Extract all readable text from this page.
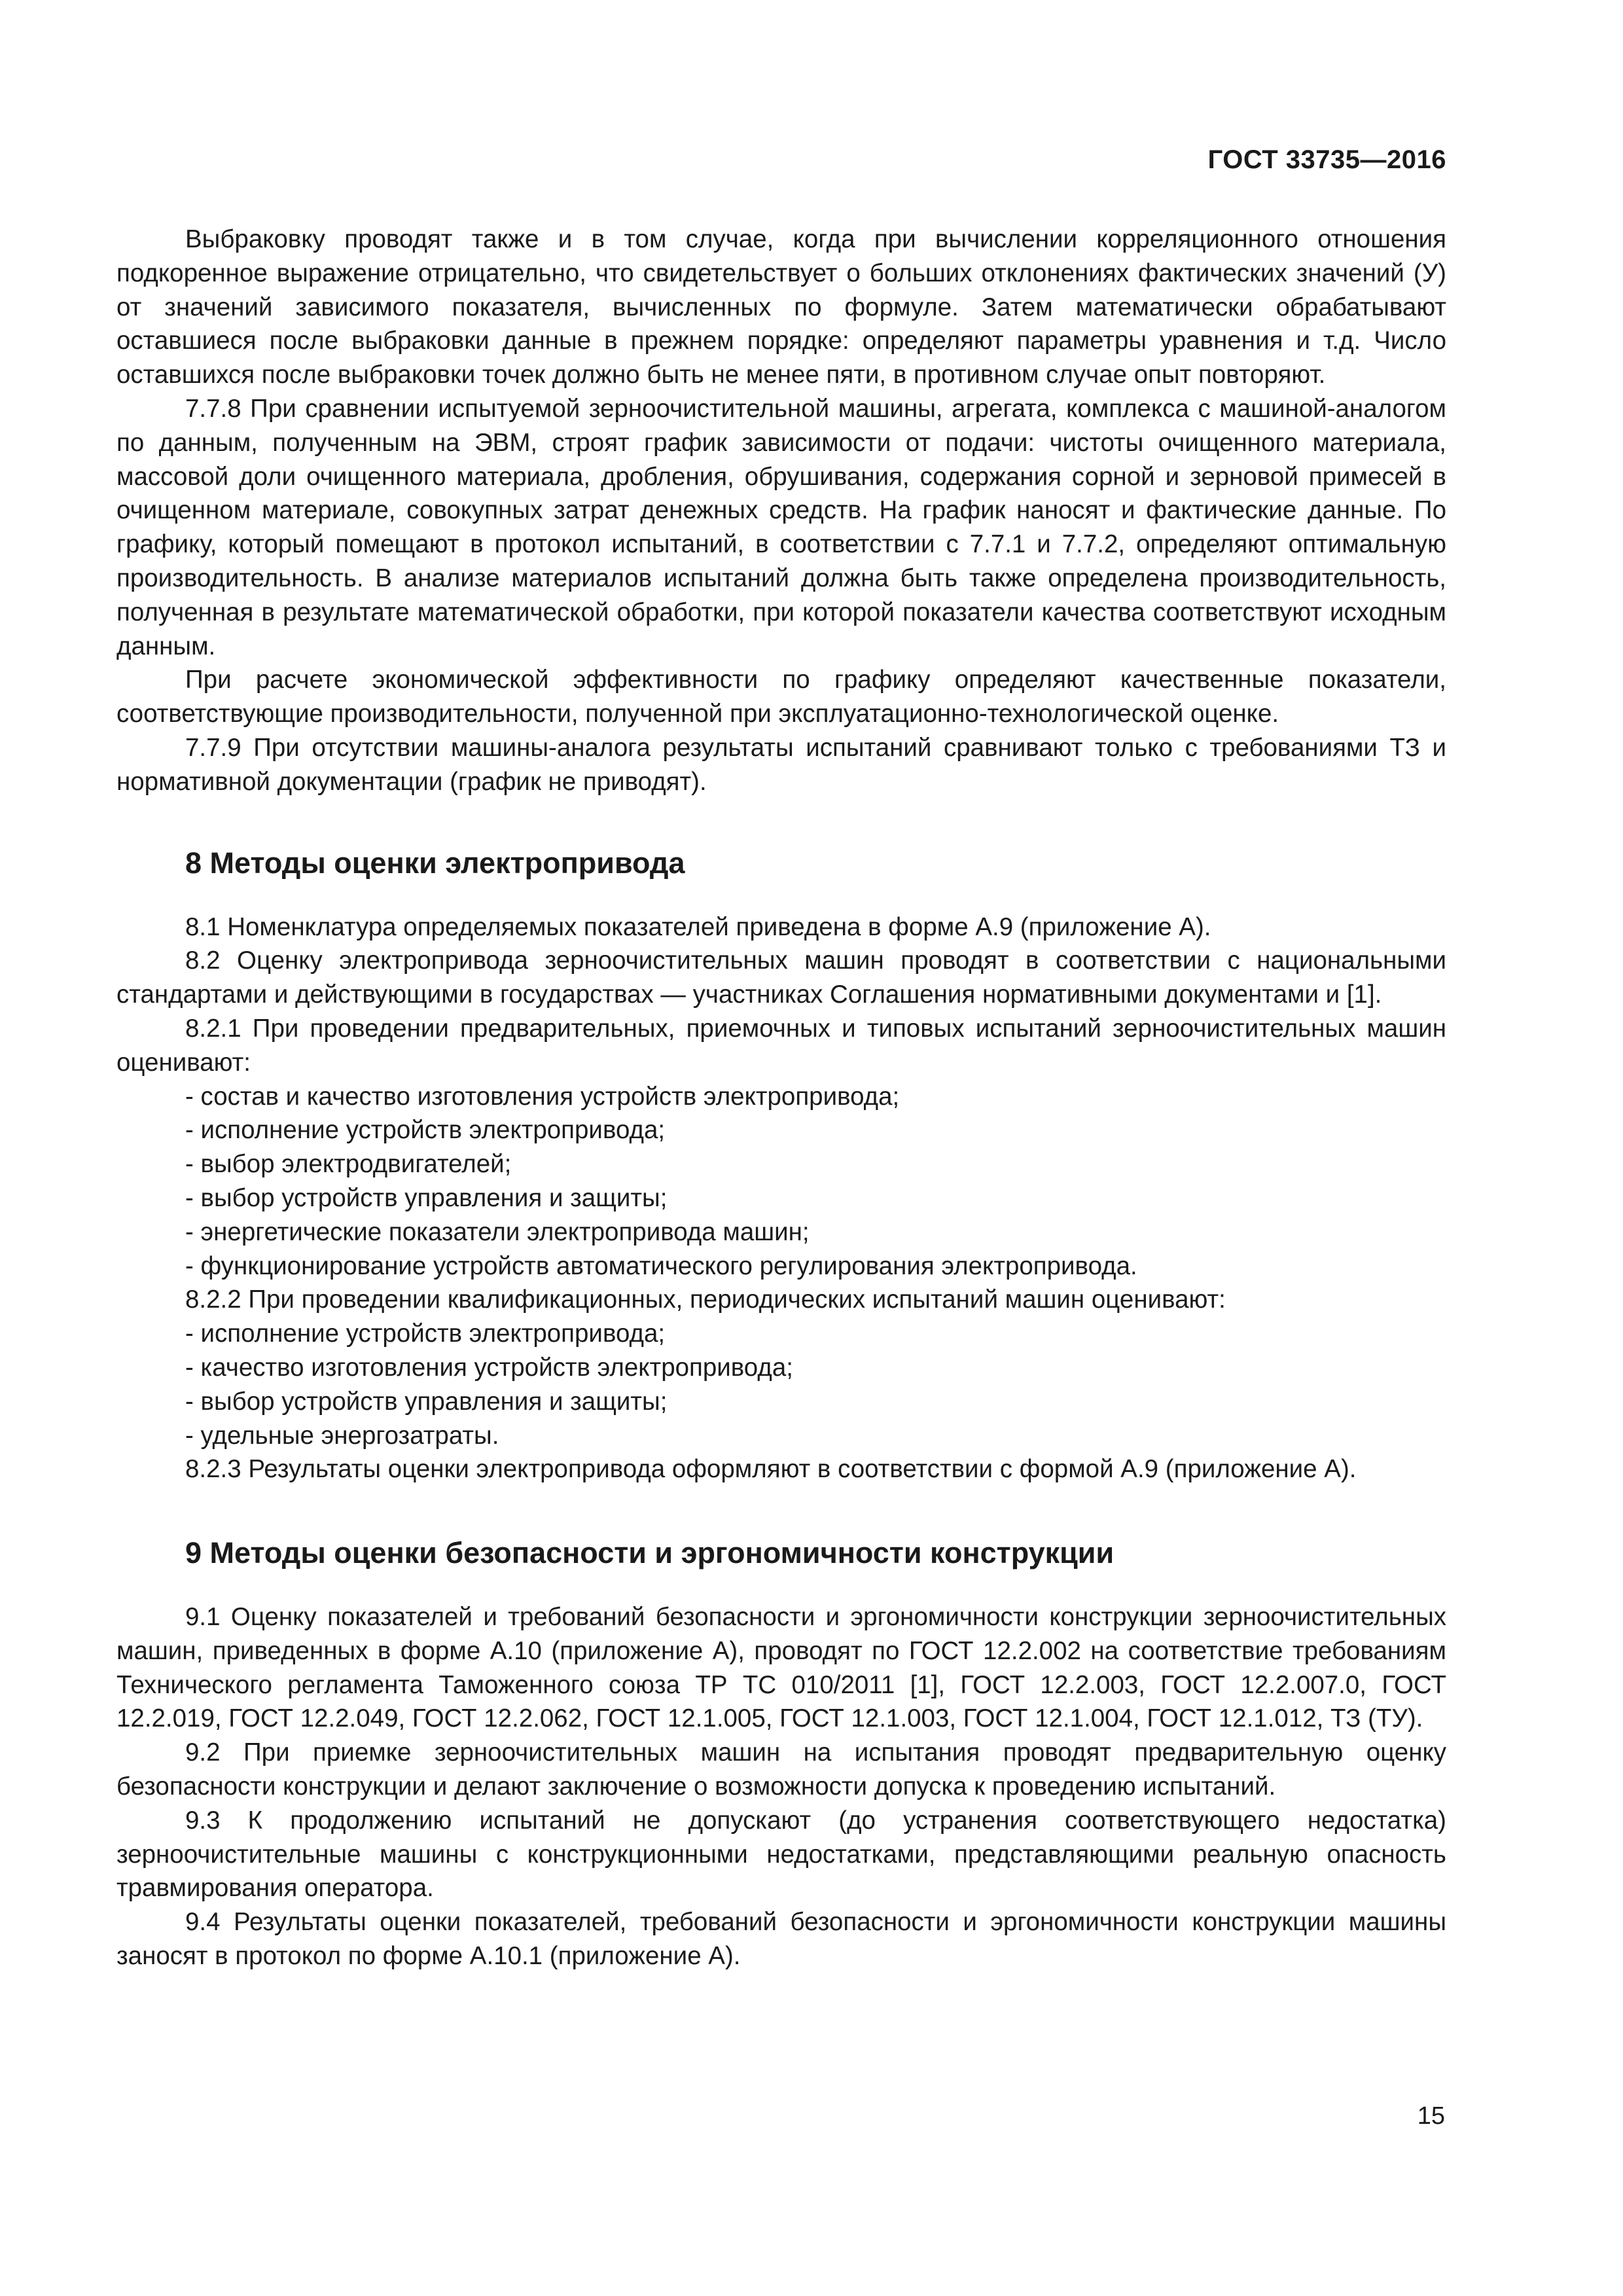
ГОСТ 33735—2016

Выбраковку проводят также и в том случае, когда при вычислении корреляционного отношения подкоренное выражение отрицательно, что свидетельствует о больших отклонениях фактических значений (У) от значений зависимого показателя, вычисленных по формуле. Затем математически обрабатывают оставшиеся после выбраковки данные в прежнем порядке: определяют параметры уравнения и т.д. Число оставшихся после выбраковки точек должно быть не менее пяти, в противном случае опыт повторяют.

7.7.8 При сравнении испытуемой зерноочистительной машины, агрегата, комплекса с машиной-аналогом по данным, полученным на ЭВМ, строят график зависимости от подачи: чистоты очищенного материала, массовой доли очищенного материала, дробления, обрушивания, содержания сорной и зерновой примесей в очищенном материале, совокупных затрат денежных средств. На график наносят и фактические данные. По графику, который помещают в протокол испытаний, в соответствии с 7.7.1 и 7.7.2, определяют оптимальную производительность. В анализе материалов испытаний должна быть также определена производительность, полученная в результате математической обработки, при которой показатели качества соответствуют исходным данным.

При расчете экономической эффективности по графику определяют качественные показатели, соответствующие производительности, полученной при эксплуатационно-технологической оценке.

7.7.9 При отсутствии машины-аналога результаты испытаний сравнивают только с требованиями ТЗ и нормативной документации (график не приводят).

8 Методы оценки электропривода

8.1 Номенклатура определяемых показателей приведена в форме А.9 (приложение А).

8.2 Оценку электропривода зерноочистительных машин проводят в соответствии с национальными стандартами и действующими в государствах — участниках Соглашения нормативными документами и [1].

8.2.1 При проведении предварительных, приемочных и типовых испытаний зерноочистительных машин оценивают:

- состав и качество изготовления устройств электропривода;

- исполнение устройств электропривода;

- выбор электродвигателей;

- выбор устройств управления и защиты;

- энергетические показатели электропривода машин;

- функционирование устройств автоматического регулирования электропривода.

8.2.2 При проведении квалификационных, периодических испытаний машин оценивают:

- исполнение устройств электропривода;

- качество изготовления устройств электропривода;

- выбор устройств управления и защиты;

- удельные энергозатраты.

8.2.3 Результаты оценки электропривода оформляют в соответствии с формой А.9 (приложение А).

9 Методы оценки безопасности и эргономичности конструкции

9.1 Оценку показателей и требований безопасности и эргономичности конструкции зерноочистительных машин, приведенных в форме А.10 (приложение А), проводят по ГОСТ 12.2.002 на соответствие требованиям Технического регламента Таможенного союза ТР ТС 010/2011 [1], ГОСТ 12.2.003, ГОСТ 12.2.007.0, ГОСТ 12.2.019, ГОСТ 12.2.049, ГОСТ 12.2.062, ГОСТ 12.1.005, ГОСТ 12.1.003, ГОСТ 12.1.004, ГОСТ 12.1.012, ТЗ (ТУ).

9.2 При приемке зерноочистительных машин на испытания проводят предварительную оценку безопасности конструкции и делают заключение о возможности допуска к проведению испытаний.

9.3 К продолжению испытаний не допускают (до устранения соответствующего недостатка) зерноочистительные машины с конструкционными недостатками, представляющими реальную опасность травмирования оператора.

9.4 Результаты оценки показателей, требований безопасности и эргономичности конструкции машины заносят в протокол по форме А.10.1 (приложение А).

15
